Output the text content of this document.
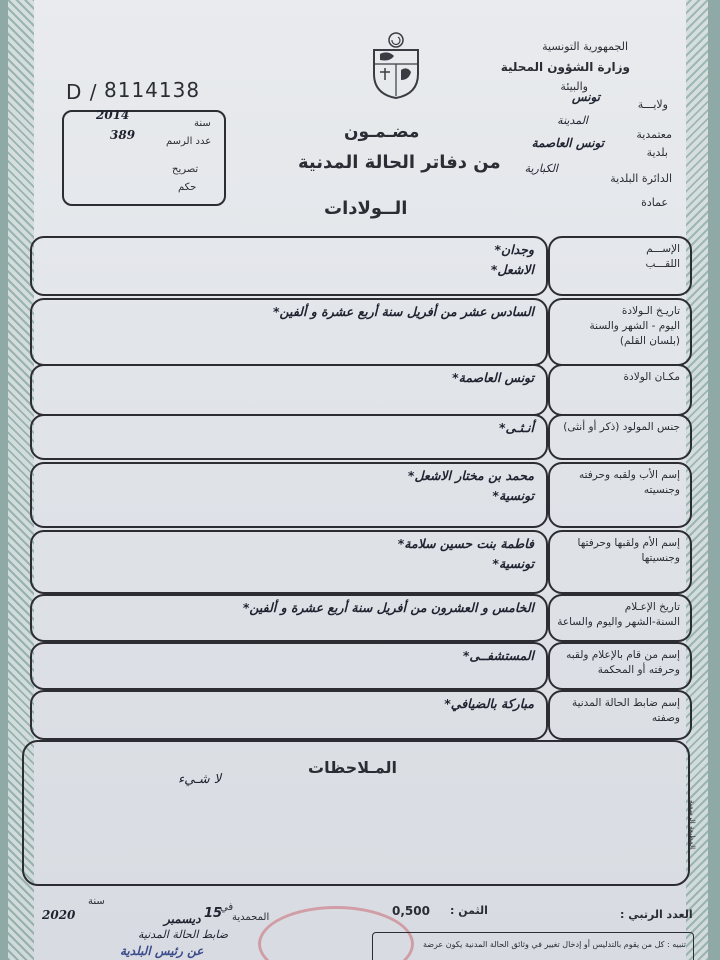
الجمهورية التونسية
وزارة الشؤون المحلية
والبيئة
ولايـــة
تونس
المدينة
معتمدية
بلدية
تونس العاصمة
الكبارية
الدائرة البلدية
عمادة
D / 8114138
2014
سنة
389	عدد الرسم
تصريح
حكم
مضـمـون
من دفاتر الحالة المدنية
الــولادات
الإســـم
اللقـــب
وجدان*
الاشعل*
تاريـخ الـولادة
اليوم - الشهر والسنة
(بلسان القلم)
السادس عشر من أفريل سنة أربع عشرة و ألفين*
مكـان الولادة
تونس العاصمة*
جنس المولود (ذكر أو أنثى)
أنـثـى*
إسم الأب ولقبه وحرفته
وجنسيته
محمد بن مختار الاشعل*
تونسية*
إسم الأم ولقبها وحرفتها
وجنسيتها
فاطمة بنت حسين سلامة*
تونسية*
تاريخ الإعـلام
السنة-الشهر واليوم والساعة
الخامس و العشرون من أفريل سنة أربع عشرة و ألفين*
إسم من قام بالإعلام ولقبه
وحرفته أو المحكمة
المستشفــى*
إسم ضابط الحالة المدنية
وصفته
مباركة بالضيافي*
المـلاحظات
لا شـيء
سنة
2020	ديسمبر 15
في
المحمدية
ضابط الحالة المدنية
عن رئيس البلدية
الثمن :
0,500	العدد الرتبي :
تنبيه : كل من يقوم بالتدليس أو إدخال تغيير في وثائق الحالة المدنية يكون عرضة
المطبعة الرسمية
